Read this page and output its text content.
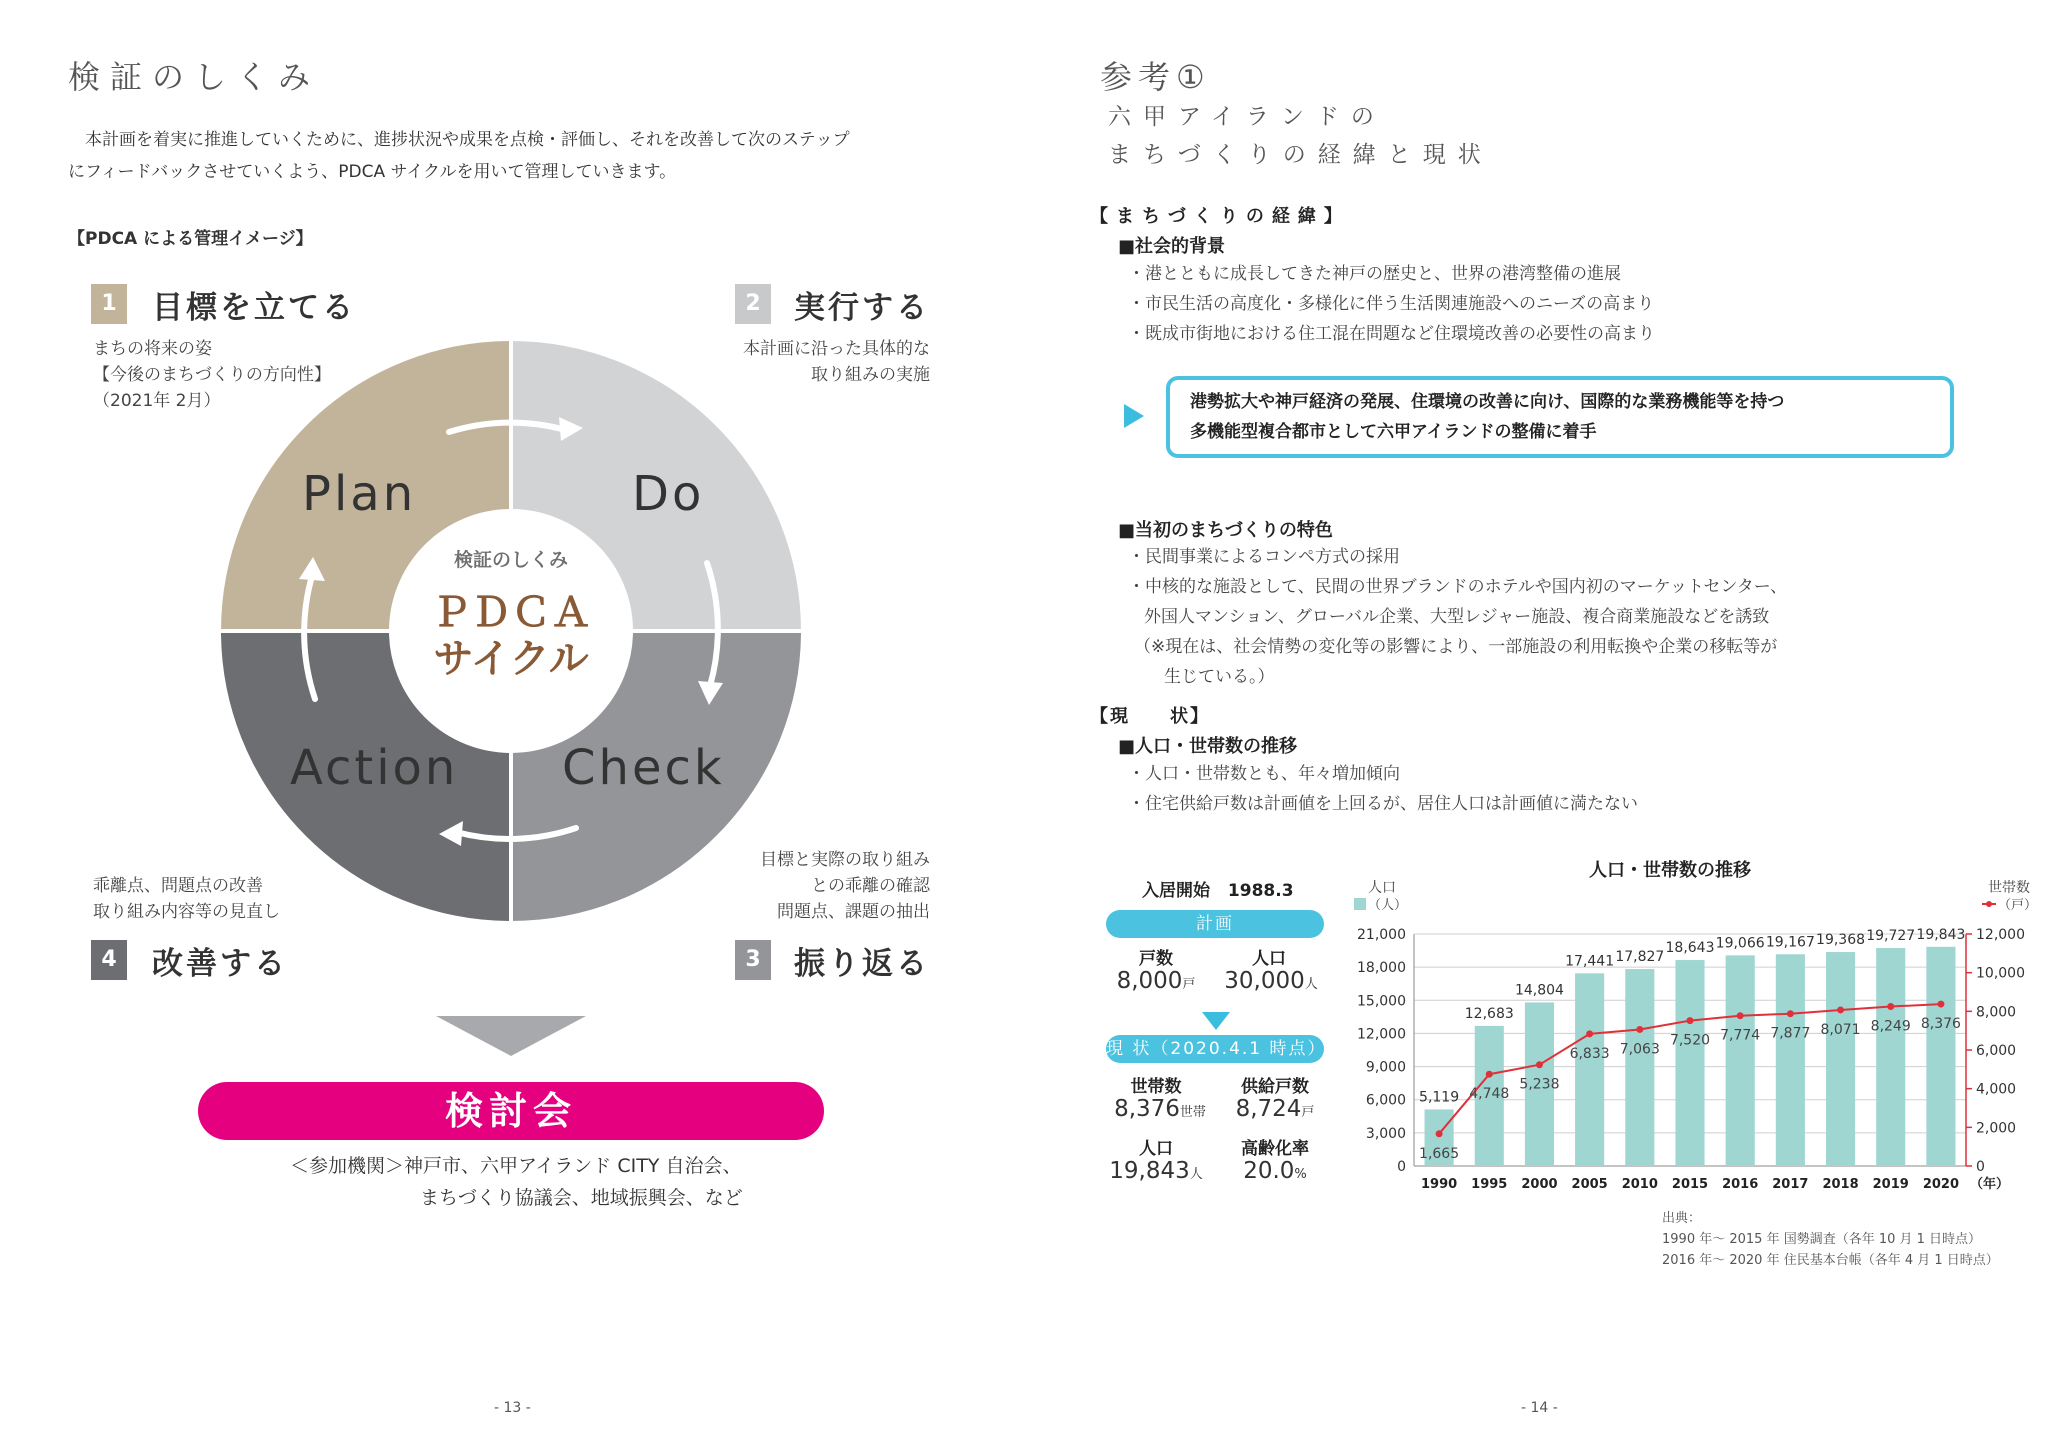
検証のしくみ
本計画を着実に推進していくために、進捗状況や成果を点検・評価し、それを改善して次のステップ
にフィードバックさせていくよう、PDCA サイクルを用いて管理していきます。
【PDCA による管理イメージ】
Plan	Do
Check
Action
検証のしくみ
ＰＤＣＡ
サイクル
1	目標を立てる
まちの将来の姿
【今後のまちづくりの方向性】
（2021年 2月）
2	実行する
本計画に沿った具体的な
取り組みの実施
目標と実際の取り組み
との乖離の確認
問題点、課題の抽出
3	振り返る
乖離点、問題点の改善
取り組み内容等の見直し
4	改善する
検討会
＜参加機関＞神戸市、六甲アイランド CITY 自治会、
まちづくり協議会、地域振興会、など
- 13 -
参考①
六甲アイランドの
まちづくりの経緯と現状
【まちづくりの経緯】
■社会的背景
・港とともに成長してきた神戸の歴史と、世界の港湾整備の進展
・市民生活の高度化・多様化に伴う生活関連施設へのニーズの高まり
・既成市街地における住工混在問題など住環境改善の必要性の高まり
港勢拡大や神戸経済の発展、住環境の改善に向け、国際的な業務機能等を持つ
多機能型複合都市として六甲アイランドの整備に着手
■当初のまちづくりの特色
・民間事業によるコンペ方式の採用
・中核的な施設として、民間の世界ブランドのホテルや国内初のマーケットセンター、
外国人マンション、グローバル企業、大型レジャー施設、複合商業施設などを誘致
（※現在は、社会情勢の変化等の影響により、一部施設の利用転換や企業の移転等が
生じている。）
【現　　状】
■人口・世帯数の推移
・人口・世帯数とも、年々増加傾向
・住宅供給戸数は計画値を上回るが、居住人口は計画値に満たない
入居開始 1988.3
計画
戸数	人口
8,000戸	30,000人
現 状（2020.4.1 時点）
世帯数	供給戸数
8,376世帯	8,724戸
人口	高齢化率
19,843人	20.0%
人口・世帯数の推移
人口
（人）
世帯数
（戸）
0
3,000
6,000
9,000
12,000
15,000
18,000
21,000
0
2,000
4,000
6,000
8,000
10,000
12,000
5,119
1990
12,683
1995
14,804
2000
17,441
2005
17,827
2010
18,643
2015
19,066
2016
19,167
2017
19,368
2018
19,727
2019
19,843
2020 （年）
1,665
4,748
5,238
6,833 7,063
7,520 7,774 7,877 8,071 8,249 8,376
出典：
1990 年～ 2015 年 国勢調査（各年 10 月 1 日時点）
2016 年～ 2020 年 住民基本台帳（各年 4 月 1 日時点）
- 14 -
